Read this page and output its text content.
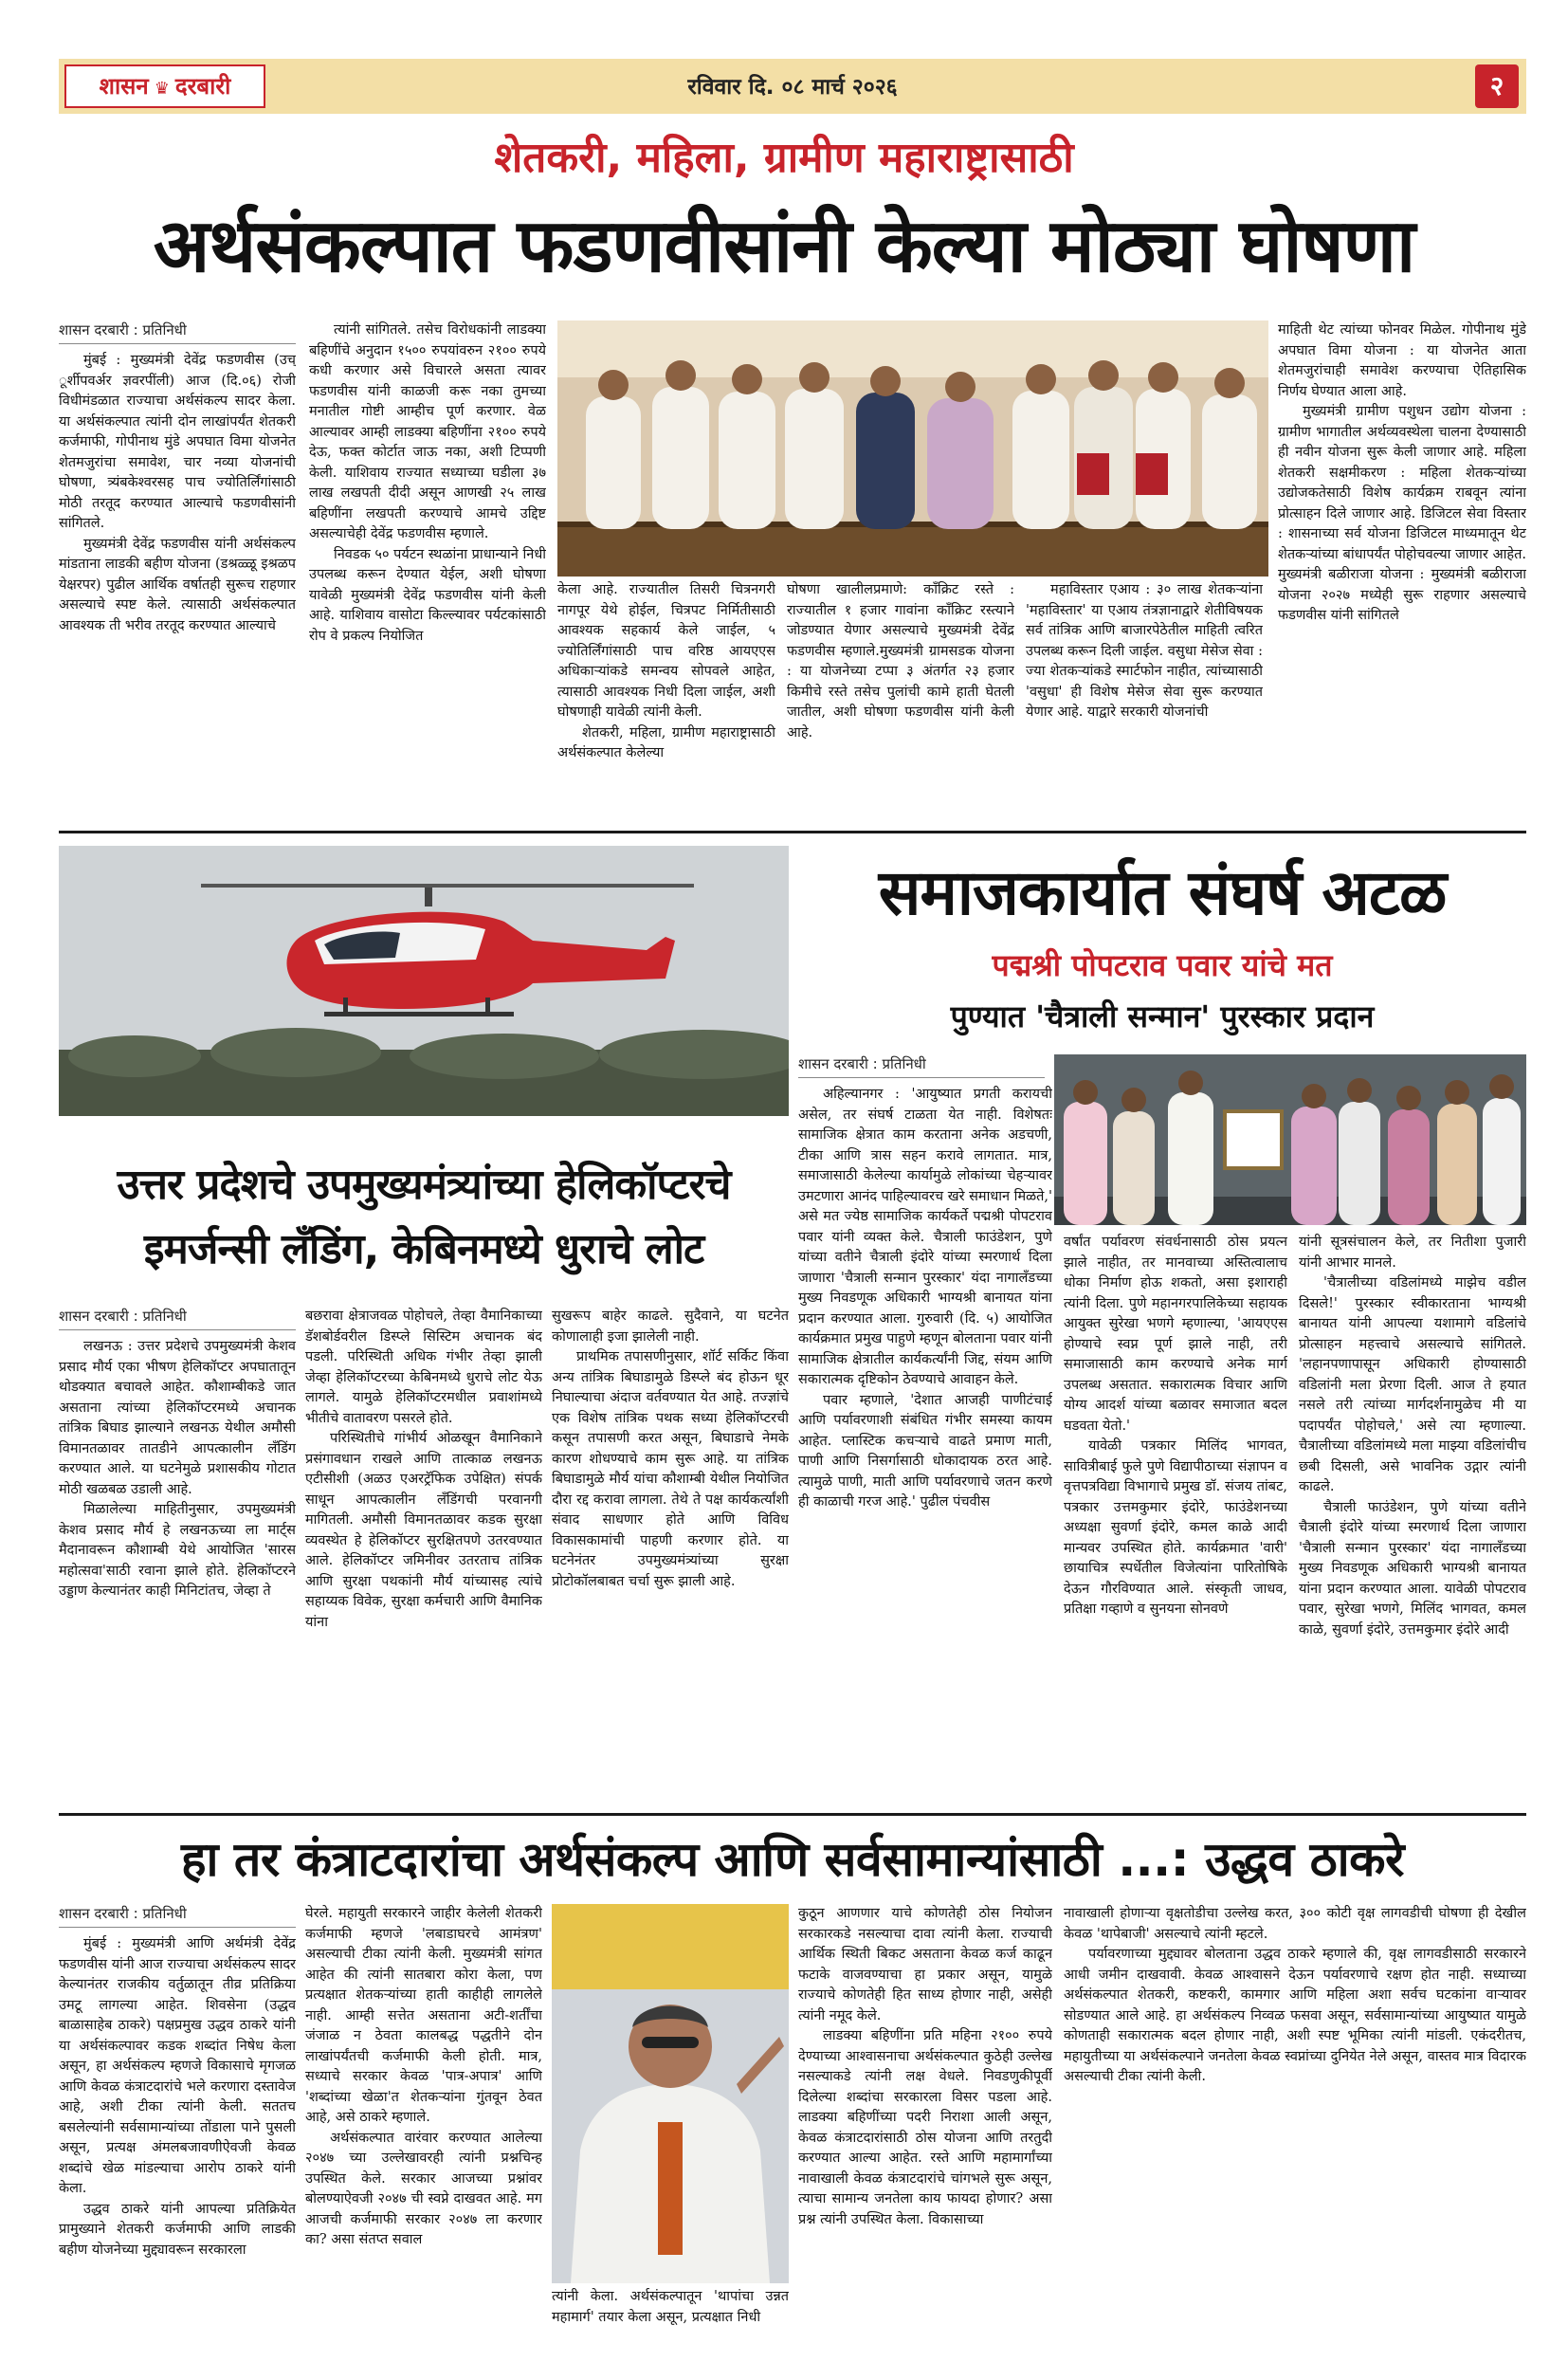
शासन ♛ दरबारी	रविवार दि. ०८ मार्च २०२६	२
शेतकरी, महिला, ग्रामीण महाराष्ट्रासाठी
अर्थसंकल्पात फडणवीसांनी केल्या मोठ्या घोषणा
शासन दरबारी : प्रतिनिधी

मुंबई : मुख्यमंत्री देवेंद्र फडणवीस (उच् ूर्शीपवर्अर ज्ञवरपींली) आज (दि.०६) रोजी विधीमंडळात राज्याचा अर्थसंकल्प सादर केला. या अर्थसंकल्पात त्यांनी दोन लाखांपर्यंत शेतकरी कर्जमाफी, गोपीनाथ मुंडे अपघात विमा योजनेत शेतमजुरांचा समावेश, चार नव्या योजनांची घोषणा, त्र्यंबकेश्वरसह पाच ज्योतिर्लिंगांसाठी मोठी तरतूद करण्यात आल्याचे फडणवीसांनी सांगितले.

मुख्यमंत्री देवेंद्र फडणवीस यांनी अर्थसंकल्प मांडताना लाडकी बहीण योजना (डश्रळ्ळू इश्रळप येक्षरपर) पुढील आर्थिक वर्षातही सुरूच राहणार असल्याचे स्पष्ट केले. त्यासाठी अर्थसंकल्पात आवश्यक ती भरीव तरतूद करण्यात आल्याचे

त्यांनी सांगितले. तसेच विरोधकांनी लाडक्या बहिणींचे अनुदान १५०० रुपयांवरुन २१०० रुपये कधी करणार असे विचारले असता त्यावर फडणवीस यांनी काळजी करू नका तुमच्या मनातील गोष्टी आम्हीच पूर्ण करणार. वेळ आल्यावर आम्ही लाडक्या बहिणींना २१०० रुपये देऊ, फक्त कोर्टात जाऊ नका, अशी टिप्पणी केली. याशिवाय राज्यात सध्याच्या घडीला ३७ लाख लखपती दीदी असून आणखी २५ लाख बहिणींना लखपती करण्याचे आमचे उद्दिष्ट असल्याचेही देवेंद्र फडणवीस म्हणाले.

निवडक ५० पर्यटन स्थळांना प्राधान्याने निधी उपलब्ध करून देण्यात येईल, अशी घोषणा यावेळी मुख्यमंत्री देवेंद्र फडणवीस यांनी केली आहे. याशिवाय वासोटा किल्ल्यावर पर्यटकांसाठी रोप वे प्रकल्प नियोजित

केला आहे. राज्यातील तिसरी चित्रनगरी नागपूर येथे होईल, चित्रपट निर्मितीसाठी आवश्यक सहकार्य केले जाईल, ५ ज्योतिर्लिंगांसाठी पाच वरिष्ठ आयएएस अधिकाऱ्यांकडे समन्वय सोपवले आहेत, त्यासाठी आवश्यक निधी दिला जाईल, अशी घोषणाही यावेळी त्यांनी केली.

शेतकरी, महिला, ग्रामीण महाराष्ट्रासाठी अर्थसंकल्पात केलेल्या

घोषणा खालीलप्रमाणे: काँक्रिट रस्ते : राज्यातील १ हजार गावांना काँक्रिट रस्त्याने जोडण्यात येणार असल्याचे मुख्यमंत्री देवेंद्र फडणवीस म्हणाले.मुख्यमंत्री ग्रामसडक योजना : या योजनेच्या टप्पा ३ अंतर्गत २३ हजार किमीचे रस्ते तसेच पुलांची कामे हाती घेतली जातील, अशी घोषणा फडणवीस यांनी केली आहे.

महाविस्तार एआय : ३० लाख शेतकऱ्यांना 'महाविस्तार' या एआय तंत्रज्ञानाद्वारे शेतीविषयक सर्व तांत्रिक आणि बाजारपेठेतील माहिती त्वरित उपलब्ध करून दिली जाईल. वसुधा मेसेज सेवा : ज्या शेतकऱ्यांकडे स्मार्टफोन नाहीत, त्यांच्यासाठी 'वसुधा' ही विशेष मेसेज सेवा सुरू करण्यात येणार आहे. याद्वारे सरकारी योजनांची

माहिती थेट त्यांच्या फोनवर मिळेल. गोपीनाथ मुंडे अपघात विमा योजना : या योजनेत आता शेतमजुरांचाही समावेश करण्याचा ऐतिहासिक निर्णय घेण्यात आला आहे.

मुख्यमंत्री ग्रामीण पशुधन उद्योग योजना : ग्रामीण भागातील अर्थव्यवस्थेला चालना देण्यासाठी ही नवीन योजना सुरू केली जाणार आहे. महिला शेतकरी सक्षमीकरण : महिला शेतकऱ्यांच्या उद्योजकतेसाठी विशेष कार्यक्रम राबवून त्यांना प्रोत्साहन दिले जाणार आहे. डिजिटल सेवा विस्तार : शासनाच्या सर्व योजना डिजिटल माध्यमातून थेट शेतकऱ्यांच्या बांधापर्यंत पोहोचवल्या जाणार आहेत. मुख्यमंत्री बळीराजा योजना : मुख्यमंत्री बळीराजा योजना २०२७ मध्येही सुरू राहणार असल्याचे फडणवीस यांनी सांगितले

उत्तर प्रदेशचे उपमुख्यमंत्र्यांच्या हेलिकॉप्टरचे
इमर्जन्सी लँडिंग, केबिनमध्ये धुराचे लोट
शासन दरबारी : प्रतिनिधी

लखनऊ : उत्तर प्रदेशचे उपमुख्यमंत्री केशव प्रसाद मौर्य एका भीषण हेलिकॉप्टर अपघातातून थोडक्यात बचावले आहेत. कौशाम्बीकडे जात असताना त्यांच्या हेलिकॉप्टरमध्ये अचानक तांत्रिक बिघाड झाल्याने लखनऊ येथील अमौसी विमानतळावर तातडीने आपत्कालीन लँडिंग करण्यात आले. या घटनेमुळे प्रशासकीय गोटात मोठी खळबळ उडाली आहे.

मिळालेल्या माहितीनुसार, उपमुख्यमंत्री केशव प्रसाद मौर्य हे लखनऊच्या ला मार्ट्स मैदानावरून कौशाम्बी येथे आयोजित 'सारस महोत्सवा'साठी रवाना झाले होते. हेलिकॉप्टरने उड्डाण केल्यानंतर काही मिनिटांतच, जेव्हा ते

बछरावा क्षेत्राजवळ पोहोचले, तेव्हा वैमानिकाच्या डॅशबोर्डवरील डिस्प्ले सिस्टिम अचानक बंद पडली. परिस्थिती अधिक गंभीर तेव्हा झाली जेव्हा हेलिकॉप्टरच्या केबिनमध्ये धुराचे लोट येऊ लागले. यामुळे हेलिकॉप्टरमधील प्रवाशांमध्ये भीतीचे वातावरण पसरले होते.

परिस्थितीचे गांभीर्य ओळखून वैमानिकाने प्रसंगावधान राखले आणि तात्काळ लखनऊ एटीसीशी (अळउ एअरट्रॅफिक उपेक्षित) संपर्क साधून आपत्कालीन लँडिंगची परवानगी मागितली. अमौसी विमानतळावर कडक सुरक्षा व्यवस्थेत हे हेलिकॉप्टर सुरक्षितपणे उतरवण्यात आले. हेलिकॉप्टर जमिनीवर उतरताच तांत्रिक आणि सुरक्षा पथकांनी मौर्य यांच्यासह त्यांचे सहाय्यक विवेक, सुरक्षा कर्मचारी आणि वैमानिक यांना

सुखरूप बाहेर काढले. सुदैवाने, या घटनेत कोणालाही इजा झालेली नाही.

प्राथमिक तपासणीनुसार, शॉर्ट सर्किट किंवा अन्य तांत्रिक बिघाडामुळे डिस्प्ले बंद होऊन धूर निघाल्याचा अंदाज वर्तवण्यात येत आहे. तज्ज्ञांचे एक विशेष तांत्रिक पथक सध्या हेलिकॉप्टरची कसून तपासणी करत असून, बिघाडाचे नेमके कारण शोधण्याचे काम सुरू आहे. या तांत्रिक बिघाडामुळे मौर्य यांचा कौशाम्बी येथील नियोजित दौरा रद्द करावा लागला. तेथे ते पक्ष कार्यकर्त्यांशी संवाद साधणार होते आणि विविध विकासकामांची पाहणी करणार होते. या घटनेनंतर उपमुख्यमंत्र्यांच्या सुरक्षा प्रोटोकॉलबाबत चर्चा सुरू झाली आहे.

समाजकार्यात संघर्ष अटळ
पद्मश्री पोपटराव पवार यांचे मत
पुण्यात 'चैत्राली सन्मान' पुरस्कार प्रदान
शासन दरबारी : प्रतिनिधी

अहिल्यानगर : 'आयुष्यात प्रगती करायची असेल, तर संघर्ष टाळता येत नाही. विशेषतः सामाजिक क्षेत्रात काम करताना अनेक अडचणी, टीका आणि त्रास सहन करावे लागतात. मात्र, समाजासाठी केलेल्या कार्यामुळे लोकांच्या चेहऱ्यावर उमटणारा आनंद पाहिल्यावरच खरे समाधान मिळते,' असे मत ज्येष्ठ सामाजिक कार्यकर्ते पद्मश्री पोपटराव पवार यांनी व्यक्त केले. चैत्राली फाउंडेशन, पुणे यांच्या वतीने चैत्राली इंदोरे यांच्या स्मरणार्थ दिला जाणारा 'चैत्राली सन्मान पुरस्कार' यंदा नागालँडच्या मुख्य निवडणूक अधिकारी भाग्यश्री बानायत यांना प्रदान करण्यात आला. गुरुवारी (दि. ५) आयोजित कार्यक्रमात प्रमुख पाहुणे म्हणून बोलताना पवार यांनी सामाजिक क्षेत्रातील कार्यकर्त्यांनी जिद्द, संयम आणि सकारात्मक दृष्टिकोन ठेवण्याचे आवाहन केले.

पवार म्हणाले, 'देशात आजही पाणीटंचाई आणि पर्यावरणाशी संबंधित गंभीर समस्या कायम आहेत. प्लास्टिक कचऱ्याचे वाढते प्रमाण माती, पाणी आणि निसर्गासाठी धोकादायक ठरत आहे. त्यामुळे पाणी, माती आणि पर्यावरणाचे जतन करणे ही काळाची गरज आहे.' पुढील पंचवीस

वर्षांत पर्यावरण संवर्धनासाठी ठोस प्रयत्न झाले नाहीत, तर मानवाच्या अस्तित्वालाच धोका निर्माण होऊ शकतो, असा इशाराही त्यांनी दिला. पुणे महानगरपालिकेच्या सहायक आयुक्त सुरेखा भणगे म्हणाल्या, 'आयएएस होण्याचे स्वप्न पूर्ण झाले नाही, तरी समाजासाठी काम करण्याचे अनेक मार्ग उपलब्ध असतात. सकारात्मक विचार आणि योग्य आदर्श यांच्या बळावर समाजात बदल घडवता येतो.'

यावेळी पत्रकार मिलिंद भागवत, सावित्रीबाई फुले पुणे विद्यापीठाच्या संज्ञापन व वृत्तपत्रविद्या विभागाचे प्रमुख डॉ. संजय तांबट, पत्रकार उत्तमकुमार इंदोरे, फाउंडेशनच्या अध्यक्षा सुवर्णा इंदोरे, कमल काळे आदी मान्यवर उपस्थित होते. कार्यक्रमात 'वारी' छायाचित्र स्पर्धेतील विजेत्यांना पारितोषिके देऊन गौरविण्यात आले. संस्कृती जाधव, प्रतिक्षा गव्हाणे व सुनयना सोनवणे

यांनी सूत्रसंचालन केले, तर नितीशा पुजारी यांनी आभार मानले.

'चैत्रालीच्या वडिलांमध्ये माझेच वडील दिसले!' पुरस्कार स्वीकारताना भाग्यश्री बानायत यांनी आपल्या यशामागे वडिलांचे प्रोत्साहन महत्त्वाचे असल्याचे सांगितले. 'लहानपणापासून अधिकारी होण्यासाठी वडिलांनी मला प्रेरणा दिली. आज ते हयात नसले तरी त्यांच्या मार्गदर्शनामुळेच मी या पदापर्यंत पोहोचले,' असे त्या म्हणाल्या. चैत्रालीच्या वडिलांमध्ये मला माझ्या वडिलांचीच छबी दिसली, असे भावनिक उद्गार त्यांनी काढले.

चैत्राली फाउंडेशन, पुणे यांच्या वतीने चैत्राली इंदोरे यांच्या स्मरणार्थ दिला जाणारा 'चैत्राली सन्मान पुरस्कार' यंदा नागालँडच्या मुख्य निवडणूक अधिकारी भाग्यश्री बानायत यांना प्रदान करण्यात आला. यावेळी पोपटराव पवार, सुरेखा भणगे, मिलिंद भागवत, कमल काळे, सुवर्णा इंदोरे, उत्तमकुमार इंदोरे आदी

हा तर कंत्राटदारांचा अर्थसंकल्प आणि सर्वसामान्यांसाठी ...: उद्धव ठाकरे
शासन दरबारी : प्रतिनिधी

मुंबई : मुख्यमंत्री आणि अर्थमंत्री देवेंद्र फडणवीस यांनी आज राज्याचा अर्थसंकल्प सादर केल्यानंतर राजकीय वर्तुळातून तीव्र प्रतिक्रिया उमटू लागल्या आहेत. शिवसेना (उद्धव बाळासाहेब ठाकरे) पक्षप्रमुख उद्धव ठाकरे यांनी या अर्थसंकल्पावर कडक शब्दांत निषेध केला असून, हा अर्थसंकल्प म्हणजे विकासाचे मृगजळ आणि केवळ कंत्राटदारांचे भले करणारा दस्तावेज आहे, अशी टीका त्यांनी केली. सततच बसलेल्यांनी सर्वसामान्यांच्या तोंडाला पाने पुसली असून, प्रत्यक्ष अंमलबजावणीऐवजी केवळ शब्दांचे खेळ मांडल्याचा आरोप ठाकरे यांनी केला.

उद्धव ठाकरे यांनी आपल्या प्रतिक्रियेत प्रामुख्याने शेतकरी कर्जमाफी आणि लाडकी बहीण योजनेच्या मुद्द्यावरून सरकारला

घेरले. महायुती सरकारने जाहीर केलेली शेतकरी कर्जमाफी म्हणजे 'लबाडाघरचे आमंत्रण' असल्याची टीका त्यांनी केली. मुख्यमंत्री सांगत आहेत की त्यांनी सातबारा कोरा केला, पण प्रत्यक्षात शेतकऱ्यांच्या हाती काहीही लागलेले नाही. आम्ही सत्तेत असताना अटी-शर्तींचा जंजाळ न ठेवता कालबद्ध पद्धतीने दोन लाखांपर्यंतची कर्जमाफी केली होती. मात्र, सध्याचे सरकार केवळ 'पात्र-अपात्र' आणि 'शब्दांच्या खेळा'त शेतकऱ्यांना गुंतवून ठेवत आहे, असे ठाकरे म्हणाले.

अर्थसंकल्पात वारंवार करण्यात आलेल्या २०४७ च्या उल्लेखावरही त्यांनी प्रश्नचिन्ह उपस्थित केले. सरकार आजच्या प्रश्नांवर बोलण्याऐवजी २०४७ ची स्वप्ने दाखवत आहे. मग आजची कर्जमाफी सरकार २०४७ ला करणार का? असा संतप्त सवाल

त्यांनी केला. अर्थसंकल्पातून 'थापांचा उन्नत महामार्ग' तयार केला असून, प्रत्यक्षात निधी

कुठून आणणार याचे कोणतेही ठोस नियोजन सरकारकडे नसल्याचा दावा त्यांनी केला. राज्याची आर्थिक स्थिती बिकट असताना केवळ कर्ज काढून फटाके वाजवण्याचा हा प्रकार असून, यामुळे राज्याचे कोणतेही हित साध्य होणार नाही, असेही त्यांनी नमूद केले.

लाडक्या बहिणींना प्रति महिना २१०० रुपये देण्याच्या आश्वासनाचा अर्थसंकल्पात कुठेही उल्लेख नसल्याकडे त्यांनी लक्ष वेधले. निवडणुकीपूर्वी दिलेल्या शब्दांचा सरकारला विसर पडला आहे. लाडक्या बहिणींच्या पदरी निराशा आली असून, केवळ कंत्राटदारांसाठी ठोस योजना आणि तरतुदी करण्यात आल्या आहेत. रस्ते आणि महामार्गांच्या नावाखाली केवळ कंत्राटदारांचे चांगभले सुरू असून, त्याचा सामान्य जनतेला काय फायदा होणार? असा प्रश्न त्यांनी उपस्थित केला. विकासाच्या

नावाखाली होणाऱ्या वृक्षतोडीचा उल्लेख करत, ३०० कोटी वृक्ष लागवडीची घोषणा ही देखील केवळ 'थापेबाजी' असल्याचे त्यांनी म्हटले.

पर्यावरणाच्या मुद्द्यावर बोलताना उद्धव ठाकरे म्हणाले की, वृक्ष लागवडीसाठी सरकारने आधी जमीन दाखवावी. केवळ आश्वासने देऊन पर्यावरणाचे रक्षण होत नाही. सध्याच्या अर्थसंकल्पात शेतकरी, कष्टकरी, कामगार आणि महिला अशा सर्वच घटकांना वाऱ्यावर सोडण्यात आले आहे. हा अर्थसंकल्प निव्वळ फसवा असून, सर्वसामान्यांच्या आयुष्यात यामुळे कोणताही सकारात्मक बदल होणार नाही, अशी स्पष्ट भूमिका त्यांनी मांडली. एकंदरीतच, महायुतीच्या या अर्थसंकल्पाने जनतेला केवळ स्वप्नांच्या दुनियेत नेले असून, वास्तव मात्र विदारक असल्याची टीका त्यांनी केली.
